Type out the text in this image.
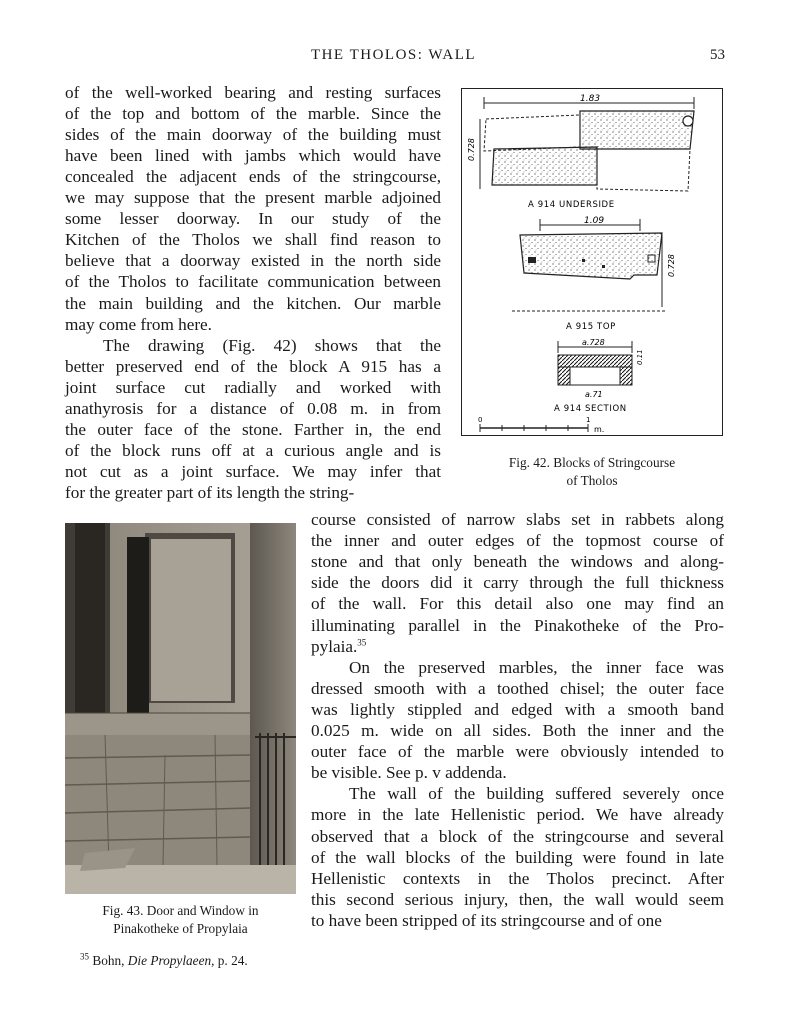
THE THOLOS: WALL	53
of the well-worked bearing and resting surfaces
of the top and bottom of the marble. Since the
sides of the main doorway of the building must
have been lined with jambs which would have
concealed the adjacent ends of the stringcourse,
we may suppose that the present marble adjoined
some lesser doorway. In our study of the
Kitchen of the Tholos we shall find reason to
believe that a doorway existed in the north side
of the Tholos to facilitate communication between
the main building and the kitchen. Our marble
may come from here.
The drawing (Fig. 42) shows that the
better preserved end of the block A 915 has a
joint surface cut radially and worked with
anathyrosis for a distance of 0.08 m. in from
the outer face of the stone. Farther in, the end
of the block runs off at a curious angle and is
not cut as a joint surface. We may infer that
for the greater part of its length the string-
course consisted of narrow slabs set in rabbets along
the inner and outer edges of the topmost course of
stone and that only beneath the windows and along-
side the doors did it carry through the full thickness
of the wall. For this detail also one may find an
illuminating parallel in the Pinakotheke of the Pro-
pylaia.$^{35}$
On the preserved marbles, the inner face was
dressed smooth with a toothed chisel; the outer face
was lightly stippled and edged with a smooth band
0.025 m. wide on all sides. Both the inner and the
outer face of the marble were obviously intended to
be visible. See p. v addenda.
The wall of the building suffered severely once
more in the late Hellenistic period. We have already
observed that a block of the stringcourse and several
of the wall blocks of the building were found in late
Hellenistic contexts in the Tholos precinct. After
this second serious injury, then, the wall would seem
to have been stripped of its stringcourse and of one
1.83
0.728
A 914 UNDERSIDE
1.09
0.728
A 915 TOP
a.728
0.11
a.71
A 914 SECTION
0	1
m.
Fig. 42. Blocks of Stringcourse
of Tholos
Fig. 43. Door and Window in
Pinakotheke of Propylaia
$^{35}$ Bohn, Die Propylaeen, p. 24.
